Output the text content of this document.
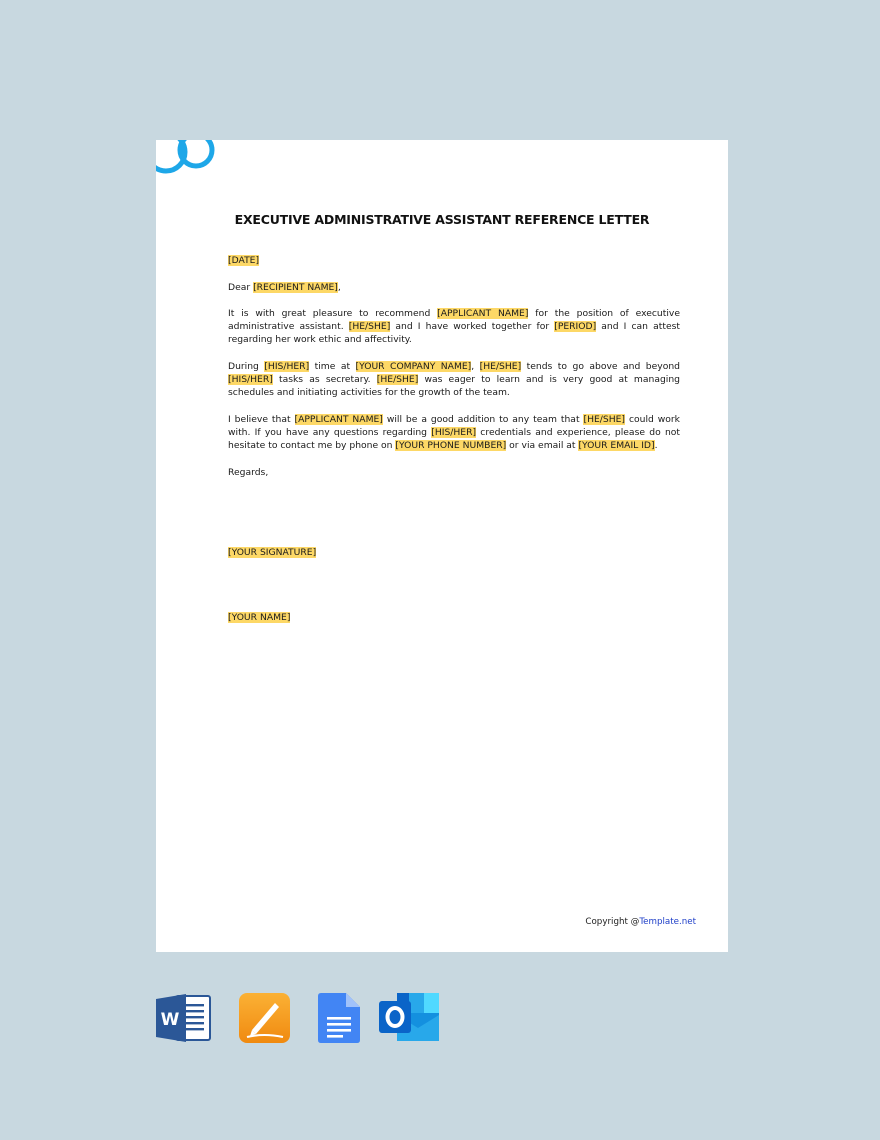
EXECUTIVE ADMINISTRATIVE ASSISTANT REFERENCE LETTER

[DATE]

Dear [RECIPIENT NAME],

It is with great pleasure to recommend [APPLICANT NAME] for the position of executive administrative assistant. [HE/SHE] and I have worked together for [PERIOD] and I can attest regarding her work ethic and affectivity.

During [HIS/HER] time at [YOUR COMPANY NAME], [HE/SHE] tends to go above and beyond [HIS/HER] tasks as secretary. [HE/SHE] was eager to learn and is very good at managing schedules and initiating activities for the growth of the team.

I believe that [APPLICANT NAME] will be a good addition to any team that [HE/SHE] could work with. If you have any questions regarding [HIS/HER] credentials and experience, please do not hesitate to contact me by phone on [YOUR PHONE NUMBER] or via email at [YOUR EMAIL ID].

Regards,

[YOUR SIGNATURE]
[YOUR NAME]
Copyright @Template.net
W
